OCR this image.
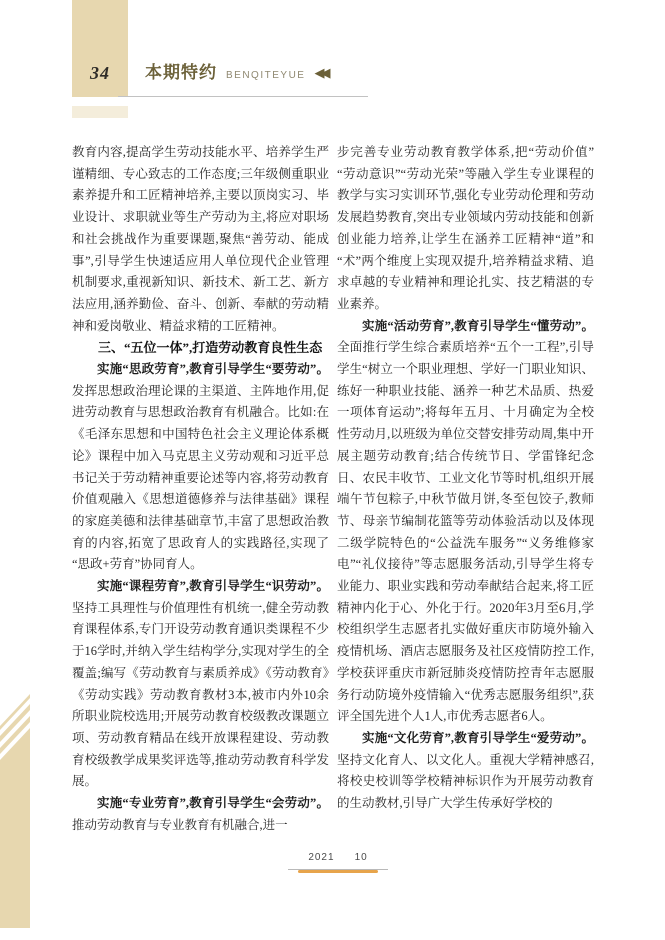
34 本期特约 BENQITEYUE ◀◀

教育内容,提高学生劳动技能水平、培养学生严谨精细、专心致志的工作态度;三年级侧重职业素养提升和工匠精神培养,主要以顶岗实习、毕业设计、求职就业等生产劳动为主,将应对职场和社会挑战作为重要课题,聚焦“善劳动、能成事”,引导学生快速适应用人单位现代企业管理机制要求,重视新知识、新技术、新工艺、新方法应用,涵养勤俭、奋斗、创新、奉献的劳动精神和爱岗敬业、精益求精的工匠精神。

三、“五位一体”,打造劳动教育良性生态

实施“思政劳育”,教育引导学生“要劳动”。发挥思想政治理论课的主渠道、主阵地作用,促进劳动教育与思想政治教育有机融合。比如:在《毛泽东思想和中国特色社会主义理论体系概论》课程中加入马克思主义劳动观和习近平总书记关于劳动精神重要论述等内容,将劳动教育价值观融入《思想道德修养与法律基础》课程的家庭美德和法律基础章节,丰富了思想政治教育的内容,拓宽了思政育人的实践路径,实现了“思政+劳育”协同育人。

实施“课程劳育”,教育引导学生“识劳动”。坚持工具理性与价值理性有机统一,健全劳动教育课程体系,专门开设劳动教育通识类课程不少于16学时,并纳入学生结构学分,实现对学生的全覆盖;编写《劳动教育与素质养成》《劳动教育》《劳动实践》劳动教育教材3本,被市内外10余所职业院校选用;开展劳动教育校级教改课题立项、劳动教育精品在线开放课程建设、劳动教育校级教学成果奖评选等,推动劳动教育科学发展。

实施“专业劳育”,教育引导学生“会劳动”。推动劳动教育与专业教育有机融合,进一

步完善专业劳动教育教学体系,把“劳动价值”“劳动意识”“劳动光荣”等融入学生专业课程的教学与实习实训环节,强化专业劳动伦理和劳动发展趋势教育,突出专业领域内劳动技能和创新创业能力培养,让学生在涵养工匠精神“道”和“术”两个维度上实现双提升,培养精益求精、追求卓越的专业精神和理论扎实、技艺精湛的专业素养。

实施“活动劳育”,教育引导学生“懂劳动”。全面推行学生综合素质培养“五个一工程”,引导学生“树立一个职业理想、学好一门职业知识、练好一种职业技能、涵养一种艺术品质、热爱一项体育运动”;将每年五月、十月确定为全校性劳动月,以班级为单位交替安排劳动周,集中开展主题劳动教育;结合传统节日、学雷锋纪念日、农民丰收节、工业文化节等时机,组织开展端午节包粽子,中秋节做月饼,冬至包饺子,教师节、母亲节编制花篮等劳动体验活动以及体现二级学院特色的“公益洗车服务”“义务维修家电”“礼仪接待”等志愿服务活动,引导学生将专业能力、职业实践和劳动奉献结合起来,将工匠精神内化于心、外化于行。2020年3月至6月,学校组织学生志愿者扎实做好重庆市防境外输入疫情机场、酒店志愿服务及社区疫情防控工作,学校获评重庆市新冠肺炎疫情防控青年志愿服务行动防境外疫情输入“优秀志愿服务组织”,获评全国先进个人1人,市优秀志愿者6人。

实施“文化劳育”,教育引导学生“爱劳动”。坚持文化育人、以文化人。重视大学精神感召,将校史校训等学校精神标识作为开展劳动教育的生动教材,引导广大学生传承好学校的

2021 10
